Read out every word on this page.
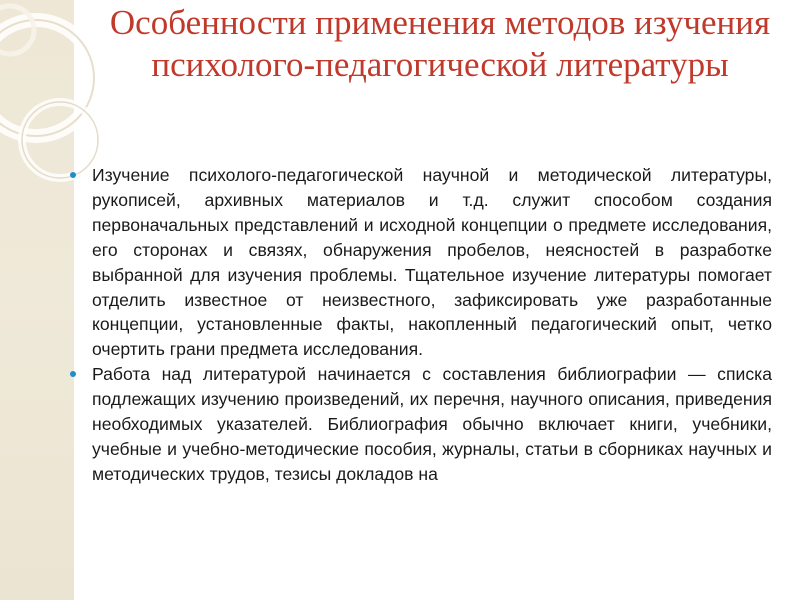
Особенности применения методов изучения психолого-педагогической литературы

Изучение психолого-педагогической научной и методической литературы, рукописей, архивных материалов и т.д. служит способом создания первоначальных представлений и исходной концепции о предмете исследования, его сторонах и связях, обнаружения пробелов, неясностей в разработке выбранной для изучения проблемы. Тщательное изучение литературы помогает отделить известное от неизвестного, зафиксировать уже разработанные концепции, установленные факты, накопленный педагогический опыт, четко очертить грани предмета исследования.

Работа над литературой начинается с составления библиографии — списка подлежащих изучению произведений, их перечня, научного описания, приведения необходимых указателей. Библиография обычно включает книги, учебники, учебные и учебно-методические пособия, журналы, статьи в сборниках научных и методических трудов, тезисы докладов на
